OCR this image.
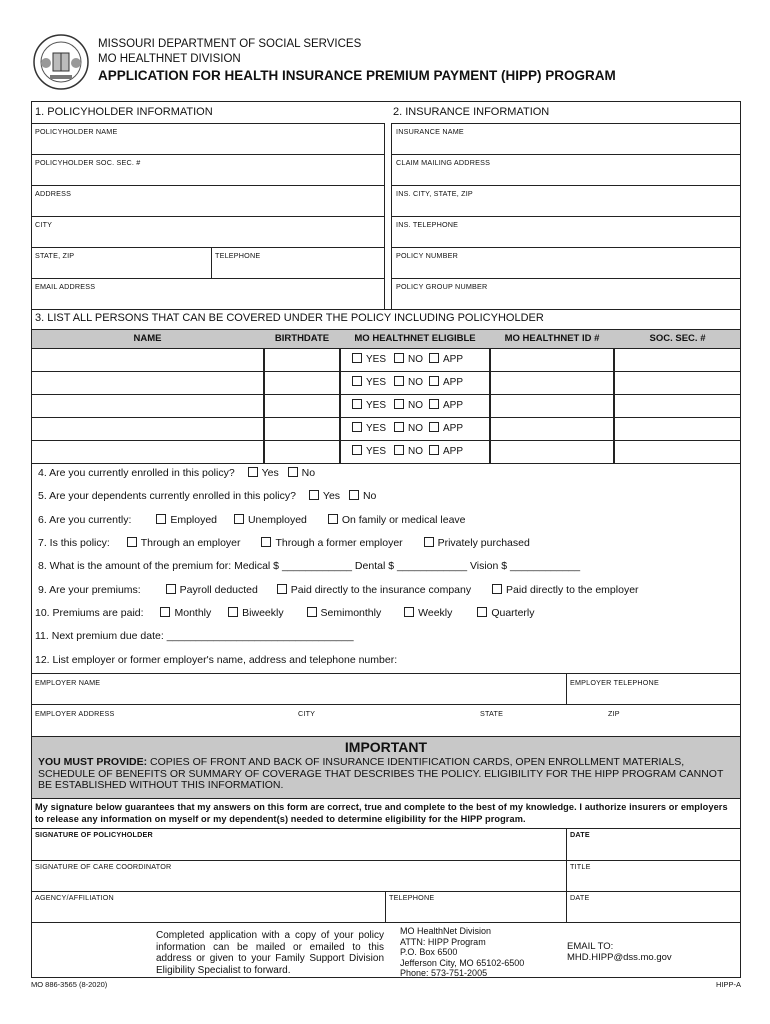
MISSOURI DEPARTMENT OF SOCIAL SERVICES
MO HEALTHNET DIVISION
APPLICATION FOR HEALTH INSURANCE PREMIUM PAYMENT (HIPP) PROGRAM
1. POLICYHOLDER INFORMATION	2. INSURANCE INFORMATION
POLICYHOLDER NAME
POLICYHOLDER SOC. SEC. #
ADDRESS
CITY
STATE, ZIP	TELEPHONE
EMAIL ADDRESS
INSURANCE NAME
CLAIM MAILING ADDRESS
INS. CITY, STATE, ZIP
INS. TELEPHONE
POLICY NUMBER
POLICY GROUP NUMBER
3. LIST ALL PERSONS THAT CAN BE COVERED UNDER THE POLICY INCLUDING POLICYHOLDER
NAME	BIRTHDATE	MO HEALTHNET ELIGIBLE	MO HEALTHNET ID #	SOC. SEC. #
YES NO APP
YES NO APP
YES NO APP
YES NO APP
YES NO APP
4. Are you currently enrolled in this policy?	Yes No
5. Are your dependents currently enrolled in this policy?	Yes No
6. Are you currently:	Employed	Unemployed	On family or medical leave
7. Is this policy:	Through an employer	Through a former employer	Privately purchased
8. What is the amount of the premium for: Medical $ ____________ Dental $ ____________ Vision $ ____________
9. Are your premiums:	Payroll deducted	Paid directly to the insurance company	Paid directly to the employer
10. Premiums are paid:	Monthly	Biweekly	Semimonthly	Weekly	Quarterly
11. Next premium due date: ________________________________
12. List employer or former employer's name, address and telephone number:
EMPLOYER NAME	EMPLOYER TELEPHONE
EMPLOYER ADDRESS	CITY	STATE	ZIP
IMPORTANT
YOU MUST PROVIDE: COPIES OF FRONT AND BACK OF INSURANCE IDENTIFICATION CARDS, OPEN ENROLLMENT MATERIALS, SCHEDULE OF BENEFITS OR SUMMARY OF COVERAGE THAT DESCRIBES THE POLICY. ELIGIBILITY FOR THE HIPP PROGRAM CANNOT BE ESTABLISHED WITHOUT THIS INFORMATION.
My signature below guarantees that my answers on this form are correct, true and complete to the best of my knowledge. I authorize insurers or employers to release any information on myself or my dependent(s) needed to determine eligibility for the HIPP program.
SIGNATURE OF POLICYHOLDER	DATE
SIGNATURE OF CARE COORDINATOR	TITLE
AGENCY/AFFILIATION	TELEPHONE	DATE
Completed application with a copy of your policy information can be mailed or emailed to this address or given to your Family Support Division Eligibility Specialist to forward.
MO HealthNet Division
ATTN: HIPP Program
P.O. Box 6500
Jefferson City, MO 65102-6500
Phone: 573-751-2005
EMAIL TO:
MHD.HIPP@dss.mo.gov
MO 886-3565 (8-2020)	HIPP-A
